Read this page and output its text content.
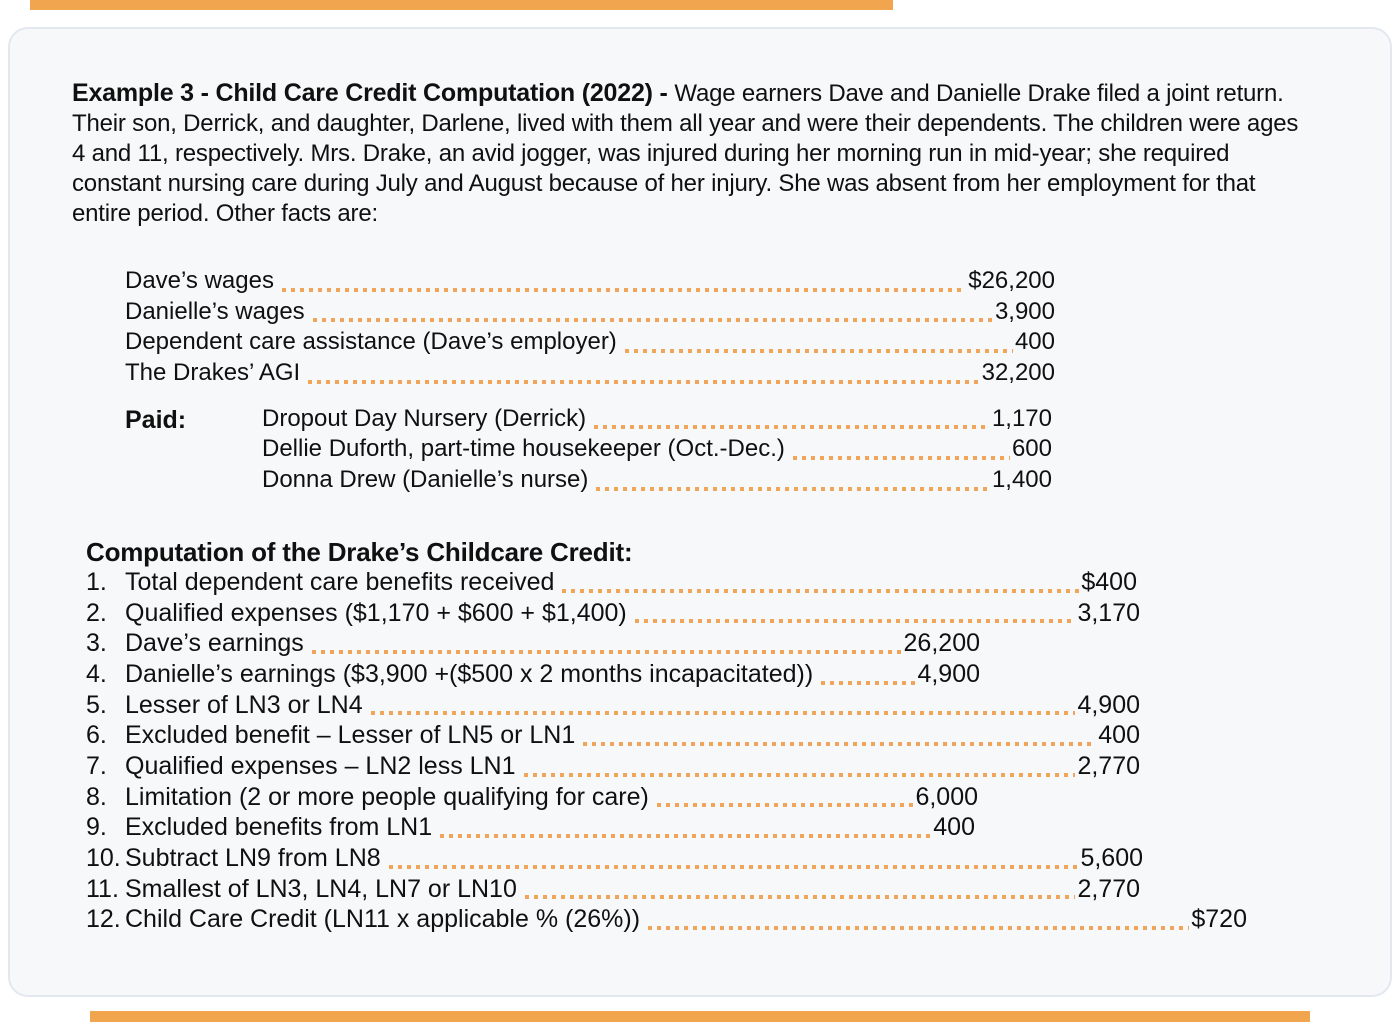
Example 3 - Child Care Credit Computation (2022) - Wage earners Dave and Danielle Drake filed a joint return. Their son, Derrick, and daughter, Darlene, lived with them all year and were their dependents. The children were ages 4 and 11, respectively. Mrs. Drake, an avid jogger, was injured during her morning run in mid-year; she required constant nursing care during July and August because of her injury. She was absent from her employment for that entire period. Other facts are:

Dave’s wages	$26,200
Danielle’s wages	3,900
Dependent care assistance (Dave’s employer)	400
The Drakes’ AGI	32,200
Paid:	Dropout Day Nursery (Derrick)	1,170
Dellie Duforth, part-time housekeeper (Oct.-Dec.)	600
Donna Drew (Danielle’s nurse)	1,400
Computation of the Drake’s Childcare Credit:
1. Total dependent care benefits received	$400
2. Qualified expenses ($1,170 + $600 + $1,400)	3,170
3. Dave’s earnings	26,200
4. Danielle’s earnings ($3,900 +($500 x 2 months incapacitated))	4,900
5. Lesser of LN3 or LN4	4,900
6. Excluded benefit – Lesser of LN5 or LN1	400
7. Qualified expenses – LN2 less LN1	2,770
8. Limitation (2 or more people qualifying for care)	6,000
9. Excluded benefits from LN1	400
10. Subtract LN9 from LN8	5,600
11. Smallest of LN3, LN4, LN7 or LN10	2,770
12. Child Care Credit (LN11 x applicable % (26%))	$720
